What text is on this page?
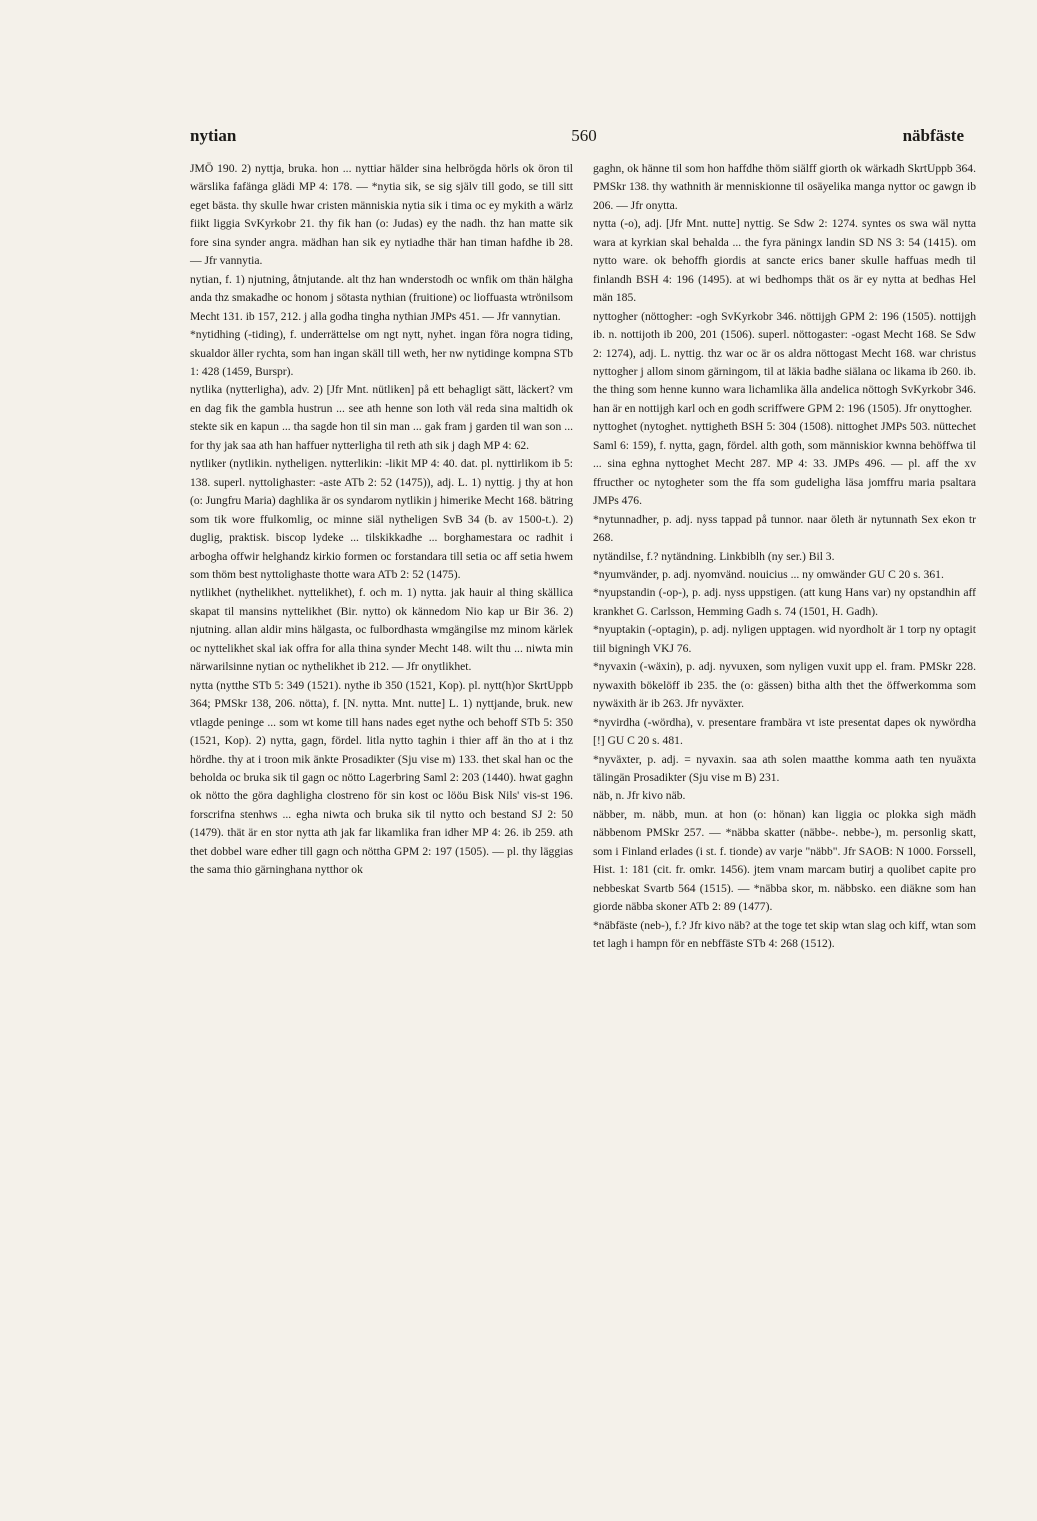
nytian	560	näbfäste

JMÖ 190. 2) nyttja, bruka. hon ... nyttiar hälder sina helbrögda hörls ok öron til wärslika fafänga glädi MP 4: 178. — *nytia sik, se sig själv till godo, se till sitt eget bästa. thy skulle hwar cristen människia nytia sik i tima oc ey mykith a wärlz fiikt liggia SvKyrkobr 21. thy fik han (o: Judas) ey the nadh. thz han matte sik fore sina synder angra. mädhan han sik ey nytiadhe thär han timan hafdhe ib 28. — Jfr vannytia.

nytian, f. 1) njutning, åtnjutande. alt thz han wnderstodh oc wnfik om thän hälgha anda thz smakadhe oc honom j sötasta nythian (fruitione) oc lioffuasta wtrönilsom Mecht 131. ib 157, 212. j alla godha tingha nythian JMPs 451. — Jfr vannytian.

*nytidhing (-tiding), f. underrättelse om ngt nytt, nyhet. ingan föra nogra tiding, skualdor äller rychta, som han ingan skäll till weth, her nw nytidinge kompna STb 1: 428 (1459, Burspr).

nytlika (nytterligha), adv. 2) [Jfr Mnt. nütliken] på ett behagligt sätt, läckert? vm en dag fik the gambla hustrun ... see ath henne son loth väl reda sina maltidh ok stekte sik en kapun ... tha sagde hon til sin man ... gak fram j garden til wan son ... for thy jak saa ath han haffuer nytterligha til reth ath sik j dagh MP 4: 62.

nytliker (nytlikin. nytheligen. nytterlikin: -likit MP 4: 40. dat. pl. nyttirlikom ib 5: 138. superl. nyttolighaster: -aste ATb 2: 52 (1475)), adj. L. 1) nyttig. j thy at hon (o: Jungfru Maria) daghlika är os syndarom nytlikin j himerike Mecht 168. bätring som tik wore ffulkomlig, oc minne siäl nytheligen SvB 34 (b. av 1500-t.). 2) duglig, praktisk. biscop lydeke ... tilskikkadhe ... borghamestara oc radhit i arbogha offwir helghandz kirkio formen oc forstandara till setia oc aff setia hwem som thöm best nyttolighaste thotte wara ATb 2: 52 (1475).

nytlikhet (nythelikhet. nyttelikhet), f. och m. 1) nytta. jak hauir al thing skällica skapat til mansins nyttelikhet (Bir. nytto) ok kännedom Nio kap ur Bir 36. 2) njutning. allan aldir mins hälgasta, oc fulbordhasta wmgängilse mz minom kärlek oc nyttelikhet skal iak offra for alla thina synder Mecht 148. wilt thu ... niwta min närwarilsinne nytian oc nythelikhet ib 212. — Jfr onytlikhet.

nytta (nytthe STb 5: 349 (1521). nythe ib 350 (1521, Kop). pl. nytt(h)or SkrtUppb 364; PMSkr 138, 206. nötta), f. [N. nytta. Mnt. nutte] L. 1) nyttjande, bruk. new vtlagde peninge ... som wt kome till hans nades eget nythe och behoff STb 5: 350 (1521, Kop). 2) nytta, gagn, fördel. litla nytto taghin i thier aff än tho at i thz hördhe. thy at i troon mik änkte Prosadikter (Sju vise m) 133. thet skal han oc the beholda oc bruka sik til gagn oc nötto Lagerbring Saml 2: 203 (1440). hwat gaghn ok nötto the göra daghligha clostreno för sin kost oc lööu Bisk Nils' vis-st 196. forscrifna stenhws ... egha niwta och bruka sik til nytto och bestand SJ 2: 50 (1479). thät är en stor nytta ath jak far likamlika fran idher MP 4: 26. ib 259. ath thet dobbel ware edher till gagn och nöttha GPM 2: 197 (1505). — pl. thy läggias the sama thio gärninghana nytthor ok

gaghn, ok hänne til som hon haffdhe thöm siälff giorth ok wärkadh SkrtUppb 364. PMSkr 138. thy wathnith är menniskionne til osäyelika manga nyttor oc gawgn ib 206. — Jfr onytta.

nytta (-o), adj. [Jfr Mnt. nutte] nyttig. Se Sdw 2: 1274. syntes os swa wäl nytta wara at kyrkian skal behalda ... the fyra päningx landin SD NS 3: 54 (1415). om nytto ware. ok behoffh giordis at sancte erics baner skulle haffuas medh til finlandh BSH 4: 196 (1495). at wi bedhomps thät os är ey nytta at bedhas Hel män 185.

nyttogher (nöttogher: -ogh SvKyrkobr 346. nöttijgh GPM 2: 196 (1505). nottijgh ib. n. nottijoth ib 200, 201 (1506). superl. nöttogaster: -ogast Mecht 168. Se Sdw 2: 1274), adj. L. nyttig. thz war oc är os aldra nöttogast Mecht 168. war christus nyttogher j allom sinom gärningom, til at läkia badhe siälana oc likama ib 260. ib. the thing som henne kunno wara lichamlika älla andelica nöttogh SvKyrkobr 346. han är en nottijgh karl och en godh scriffwere GPM 2: 196 (1505). Jfr onyttogher.

nyttoghet (nytoghet. nyttigheth BSH 5: 304 (1508). nittoghet JMPs 503. nüttechet Saml 6: 159), f. nytta, gagn, fördel. alth goth, som människior kwnna behöffwa til ... sina eghna nyttoghet Mecht 287. MP 4: 33. JMPs 496. — pl. aff the xv ffructher oc nytogheter som the ffa som gudeligha läsa jomffru maria psaltara JMPs 476.

*nytunnadher, p. adj. nyss tappad på tunnor. naar öleth är nytunnath Sex ekon tr 268.

nytändilse, f.? nytändning. Linkbiblh (ny ser.) Bil 3.

*nyumvänder, p. adj. nyomvänd. nouicius ... ny omwänder GU C 20 s. 361.

*nyupstandin (-op-), p. adj. nyss uppstigen. (att kung Hans var) ny opstandhin aff krankhet G. Carlsson, Hemming Gadh s. 74 (1501, H. Gadh).

*nyuptakin (-optagin), p. adj. nyligen upptagen. wid nyordholt är 1 torp ny optagit tiil bigningh VKJ 76.

*nyvaxin (-wäxin), p. adj. nyvuxen, som nyligen vuxit upp el. fram. PMSkr 228. nywaxith bökelöff ib 235. the (o: gässen) bitha alth thet the öffwerkomma som nywäxith är ib 263. Jfr nyväxter.

*nyvirdha (-wördha), v. presentare frambära vt iste presentat dapes ok nywördha [!] GU C 20 s. 481.

*nyväxter, p. adj. = nyvaxin. saa ath solen maatthe komma aath ten nyuäxta tälingän Prosadikter (Sju vise m B) 231.

näb, n. Jfr kivo näb.

näbber, m. näbb, mun. at hon (o: hönan) kan liggia oc plokka sigh mädh näbbenom PMSkr 257. — *näbba skatter (näbbe-. nebbe-), m. personlig skatt, som i Finland erlades (i st. f. tionde) av varje "näbb". Jfr SAOB: N 1000. Forssell, Hist. 1: 181 (cit. fr. omkr. 1456). jtem vnam marcam butirj a quolibet capite pro nebbeskat Svartb 564 (1515). — *näbba skor, m. näbbsko. een diäkne som han giorde näbba skoner ATb 2: 89 (1477).

*näbfäste (neb-), f.? Jfr kivo näb? at the toge tet skip wtan slag och kiff, wtan som tet lagh i hampn för en nebffäste STb 4: 268 (1512).
